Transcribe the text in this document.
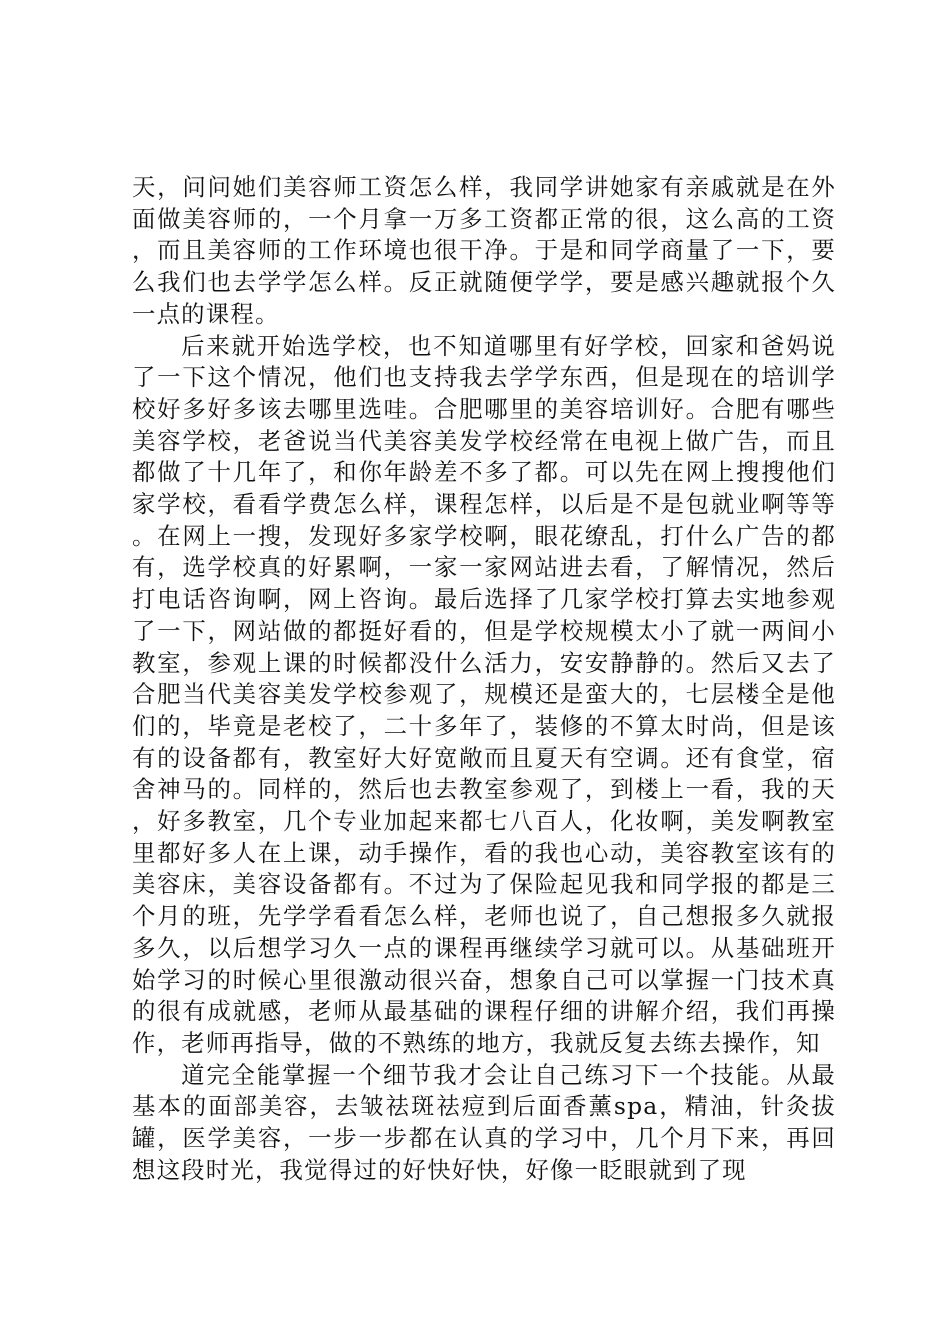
天，问问她们美容师工资怎么样，我同学讲她家有亲戚就是在外面做美容师的，一个月拿一万多工资都正常的很，这么高的工资，而且美容师的工作环境也很干净。于是和同学商量了一下，要么我们也去学学怎么样。反正就随便学学，要是感兴趣就报个久一点的课程。

后来就开始选学校，也不知道哪里有好学校，回家和爸妈说了一下这个情况，他们也支持我去学学东西，但是现在的培训学校好多好多该去哪里选哇。合肥哪里的美容培训好。合肥有哪些美容学校，老爸说当代美容美发学校经常在电视上做广告，而且都做了十几年了，和你年龄差不多了都。可以先在网上搜搜他们家学校，看看学费怎么样，课程怎样，以后是不是包就业啊等等。在网上一搜，发现好多家学校啊，眼花缭乱，打什么广告的都有，选学校真的好累啊，一家一家网站进去看，了解情况，然后打电话咨询啊，网上咨询。最后选择了几家学校打算去实地参观了一下，网站做的都挺好看的，但是学校规模太小了就一两间小教室，参观上课的时候都没什么活力，安安静静的。然后又去了合肥当代美容美发学校参观了，规模还是蛮大的，七层楼全是他们的，毕竟是老校了，二十多年了，装修的不算太时尚，但是该有的设备都有，教室好大好宽敞而且夏天有空调。还有食堂，宿舍神马的。同样的，然后也去教室参观了，到楼上一看，我的天，好多教室，几个专业加起来都七八百人，化妆啊，美发啊教室里都好多人在上课，动手操作，看的我也心动，美容教室该有的美容床，美容设备都有。不过为了保险起见我和同学报的都是三个月的班，先学学看看怎么样，老师也说了，自己想报多久就报多久，以后想学习久一点的课程再继续学习就可以。从基础班开始学习的时候心里很激动很兴奋，想象自己可以掌握一门技术真的很有成就感，老师从最基础的课程仔细的讲解介绍，我们再操作，老师再指导，做的不熟练的地方，我就反复去练去操作，知

道完全能掌握一个细节我才会让自己练习下一个技能。从最基本的面部美容，去皱祛斑祛痘到后面香薰spa，精油，针灸拔罐，医学美容，一步一步都在认真的学习中，几个月下来，再回想这段时光，我觉得过的好快好快，好像一眨眼就到了现
